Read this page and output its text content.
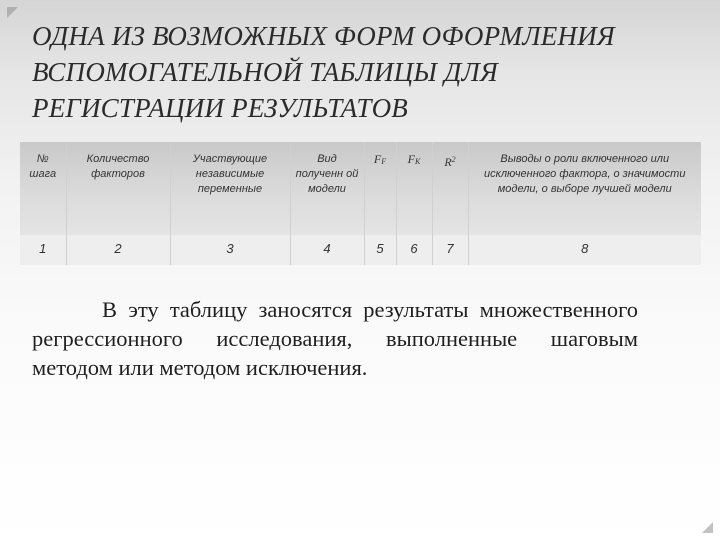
ОДНА ИЗ ВОЗМОЖНЫХ ФОРМ ОФОРМЛЕНИЯ
ВСПОМОГАТЕЛЬНОЙ ТАБЛИЦЫ ДЛЯ
РЕГИСТРАЦИИ РЕЗУЛЬТАТОВ
№ шага	Количество факторов	Участвующие независимые переменные	Вид полученн ой модели	$F_F$	$F_K$	$R^2$	Выводы о роли включенного или исключенного фактора, о значимости модели, о выборе лучшей модели
1	2	3	4	5	6	7	8

В эту таблицу заносятся результаты множественного регрессионного исследования, выполненные шаговым методом или методом исключения.
